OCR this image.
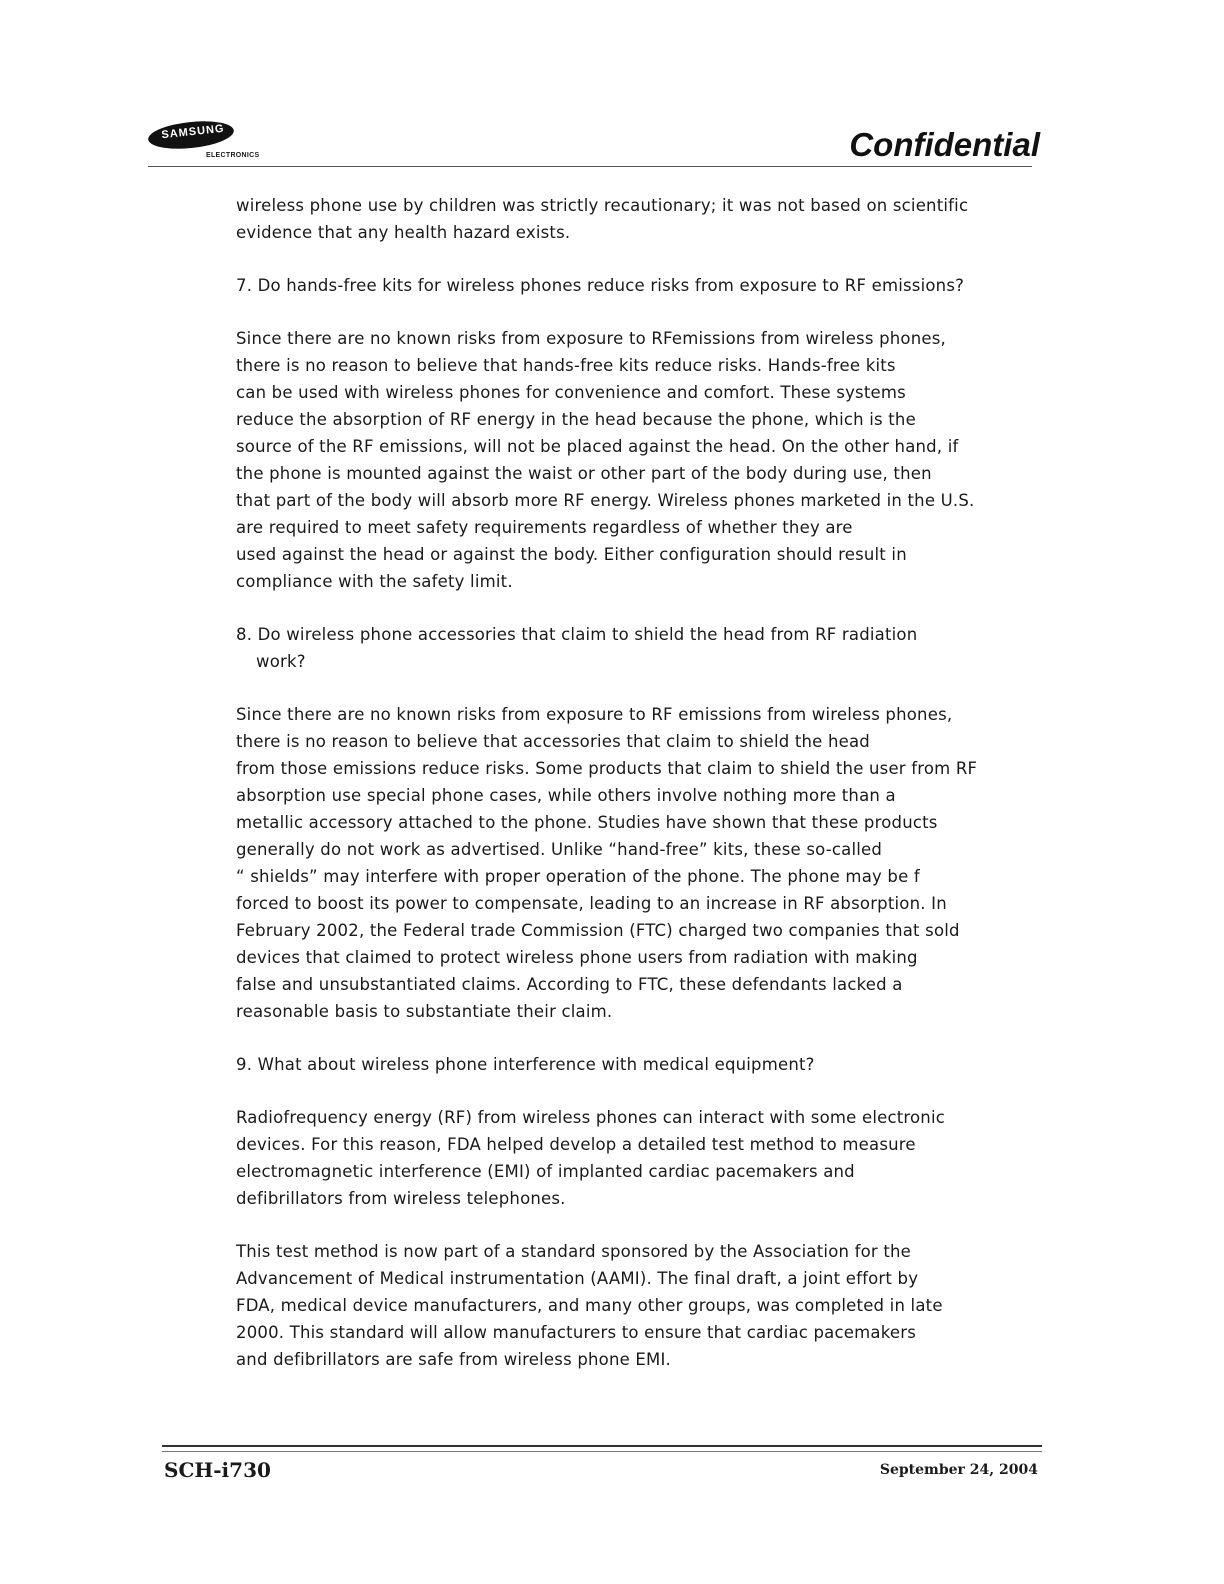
SAMSUNG
ELECTRONICS	Confidential

wireless phone use by children was strictly recautionary; it was not based on scientific
evidence that any health hazard exists.

7. Do hands-free kits for wireless phones reduce risks from exposure to RF emissions?

Since there are no known risks from exposure to RFemissions from wireless phones,
there is no reason to believe that hands-free kits reduce risks. Hands-free kits
can be used with wireless phones for convenience and comfort. These systems
reduce the absorption of RF energy in the head because the phone, which is the
source of the RF emissions, will not be placed against the head. On the other hand, if
the phone is mounted against the waist or other part of the body during use, then
that part of the body will absorb more RF energy. Wireless phones marketed in the U.S.
are required to meet safety requirements regardless of whether they are
used against the head or against the body. Either configuration should result in
compliance with the safety limit.

8. Do wireless phone accessories that claim to shield the head from RF radiation
work?

Since there are no known risks from exposure to RF emissions from wireless phones,
there is no reason to believe that accessories that claim to shield the head
from those emissions reduce risks. Some products that claim to shield the user from RF
absorption use special phone cases, while others involve nothing more than a
metallic accessory attached to the phone. Studies have shown that these products
generally do not work as advertised. Unlike “hand-free” kits, these so-called
“ shields” may interfere with proper operation of the phone. The phone may be f
forced to boost its power to compensate, leading to an increase in RF absorption. In
February 2002, the Federal trade Commission (FTC) charged two companies that sold
devices that claimed to protect wireless phone users from radiation with making
false and unsubstantiated claims. According to FTC, these defendants lacked a
reasonable basis to substantiate their claim.

9. What about wireless phone interference with medical equipment?

Radiofrequency energy (RF) from wireless phones can interact with some electronic
devices. For this reason, FDA helped develop a detailed test method to measure
electromagnetic interference (EMI) of implanted cardiac pacemakers and
defibrillators from wireless telephones.

This test method is now part of a standard sponsored by the Association for the
Advancement of Medical instrumentation (AAMI). The final draft, a joint effort by
FDA, medical device manufacturers, and many other groups, was completed in late
2000. This standard will allow manufacturers to ensure that cardiac pacemakers
and defibrillators are safe from wireless phone EMI.

SCH-i730	September 24, 2004
